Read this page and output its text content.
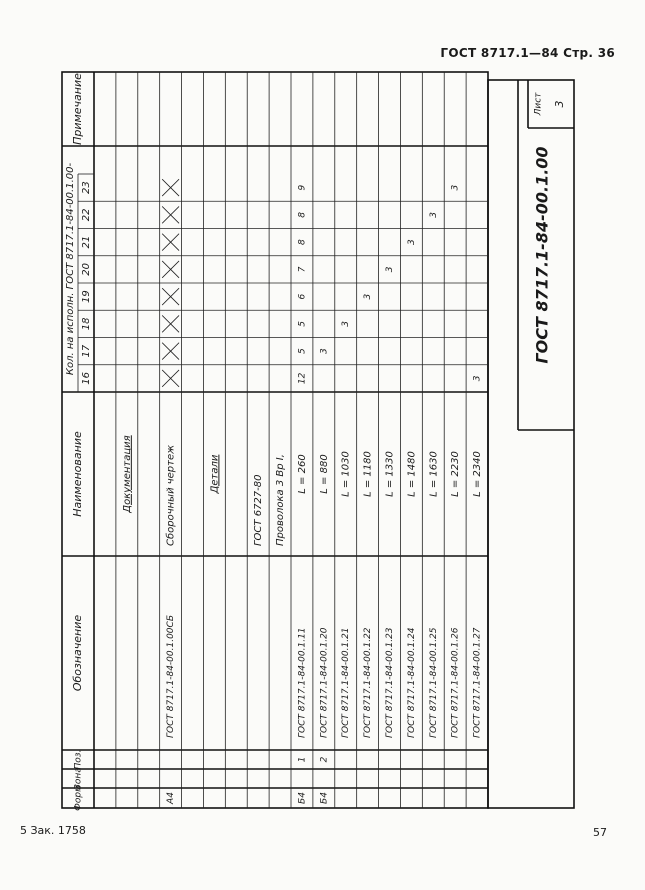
ГОСТ 8717.1—84 Стр. 36
Примечание
Кол. на исполн. ГОСТ 8717.1-84-00.1.00-
Наименование
Обозначение
Поз.
Зона
Форм
16
17
18
19
20
21
22
23
Документация
А4
ГОСТ 8717.1-84-00.1.00СБ
Сборочный чертеж	Детали
ГОСТ 6727-80 Проволока 3 Вр I,
Б4
1
ГОСТ 8717.1-84-00.1.11
L = 260
12
5
5
6
7
8
8
9
Б4
2
ГОСТ 8717.1-84-00.1.20
L = 880
3
ГОСТ 8717.1-84-00.1.21
L = 1030
3
ГОСТ 8717.1-84-00.1.22
L = 1180
3
ГОСТ 8717.1-84-00.1.23
L = 1330
3
ГОСТ 8717.1-84-00.1.24
L = 1480
3
ГОСТ 8717.1-84-00.1.25
L = 1630
3
ГОСТ 8717.1-84-00.1.26
L = 2230
3
ГОСТ 8717.1-84-00.1.27
L = 2340
3
ГОСТ 8717.1-84-00.1.00
Лист 3
5 Зак. 1758	57
